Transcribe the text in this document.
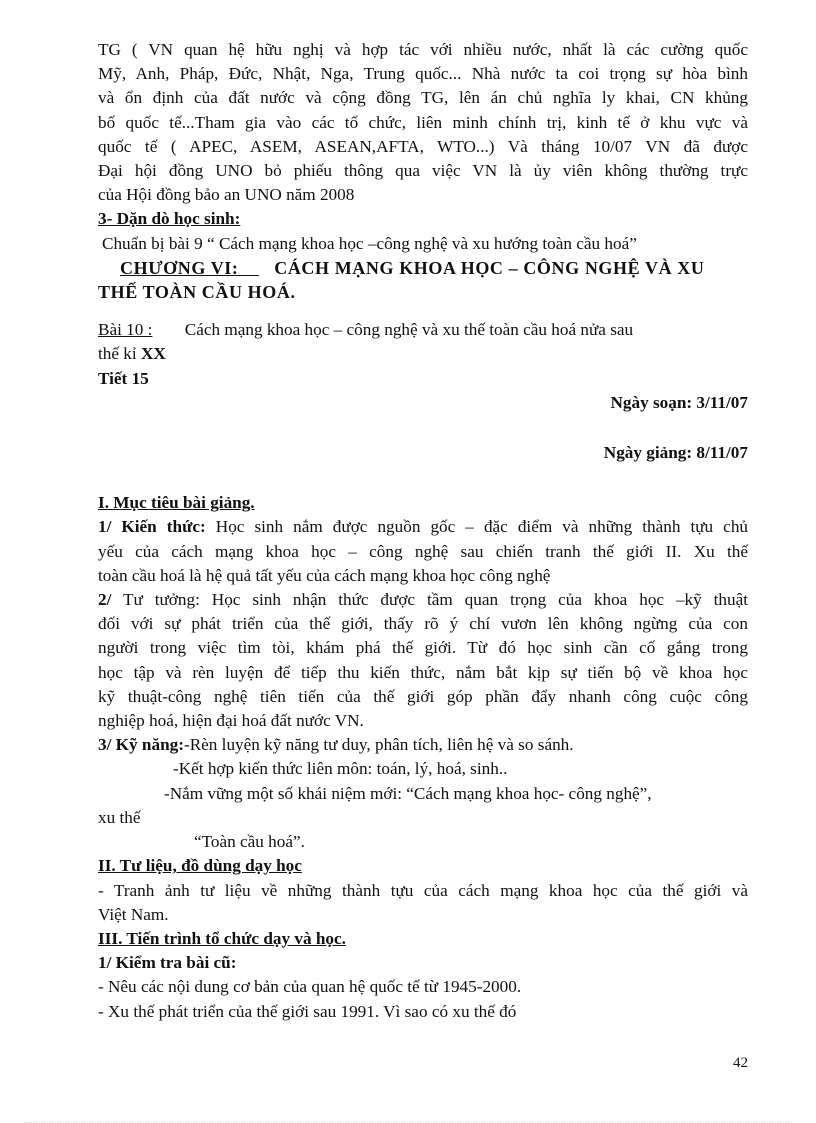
TG ( VN quan hệ hữu nghị và hợp tác với nhiều nước, nhất là các cường quốc
Mỹ, Anh, Pháp, Đức, Nhật, Nga, Trung quốc... Nhà nước ta coi trọng sự hòa bình
và ổn định của đất nước và cộng đồng TG, lên án chủ nghĩa ly khai, CN khủng
bố quốc tế...Tham gia vào các tổ chức, liên minh chính trị, kinh tế ở khu vực và
quốc tế ( APEC, ASEM, ASEAN,AFTA, WTO...) Và tháng 10/07 VN đã được
Đại hội đồng UNO bỏ phiếu thông qua việc VN là ủy viên không thường trực
của Hội đồng bảo an UNO năm 2008
3- Dặn dò học sinh:
Chuẩn bị bài 9 “ Cách mạng khoa học –công nghệ và xu hướng toàn cầu hoá”
CHƯƠNG VI: CÁCH MẠNG KHOA HỌC – CÔNG NGHỆ VÀ XU
THẾ TOÀN CẦU HOÁ.
Bài 10 : Cách mạng khoa học – công nghệ và xu thế toàn cầu hoá nửa sau
thế kỉ XX
Tiết 15
Ngày soạn: 3/11/07
Ngày giảng: 8/11/07
I. Mục tiêu bài giảng.
1/ Kiến thức: Học sinh nắm được nguồn gốc – đặc điểm và những thành tựu chủ
yếu của cách mạng khoa học – công nghệ sau chiến tranh thế giới II. Xu thế
toàn cầu hoá là hệ quả tất yếu của cách mạng khoa học công nghệ
2/ Tư tưởng: Học sinh nhận thức được tầm quan trọng của khoa học –kỹ thuật
đối với sự phát triển của thế giới, thấy rõ ý chí vươn lên không ngừng của con
người trong việc tìm tòi, khám phá thế giới. Từ đó học sinh cần cố gắng trong
học tập và rèn luyện để tiếp thu kiến thức, nắm bắt kịp sự tiến bộ về khoa học
kỹ thuật-công nghệ tiên tiến của thế giới góp phần đẩy nhanh công cuộc công
nghiệp hoá, hiện đại hoá đất nước VN.
3/ Kỹ năng:-Rèn luyện kỹ năng tư duy, phân tích, liên hệ và so sánh.
-Kết hợp kiến thức liên môn: toán, lý, hoá, sinh..
-Nắm vững một số khái niệm mới: “Cách mạng khoa học- công nghệ”,
xu thế
“Toàn cầu hoá”.
II. Tư liệu, đồ dùng dạy học
- Tranh ảnh tư liệu về những thành tựu của cách mạng khoa học của thế giới và
Việt Nam.
III. Tiến trình tổ chức dạy và học.
1/ Kiểm tra bài cũ:
- Nêu các nội dung cơ bản của quan hệ quốc tế từ 1945-2000.
- Xu thế phát triển của thế giới sau 1991. Vì sao có xu thế đó
42
